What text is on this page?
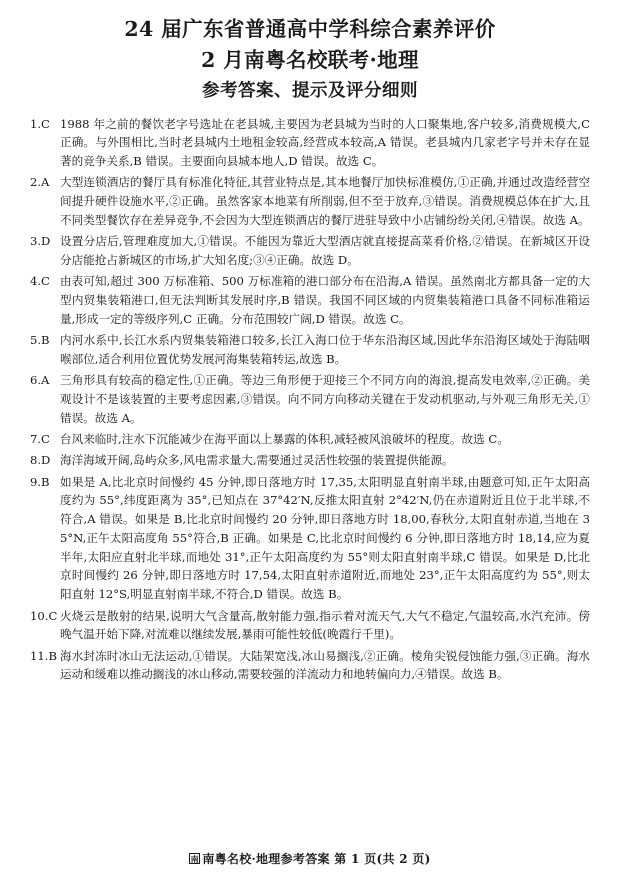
24 届广东省普通高中学科综合素养评价
2 月南粤名校联考·地理
参考答案、提示及评分细则
1.C 1988 年之前的餐饮老字号选址在老县城,主要因为老县城为当时的人口聚集地,客户较多,消费规模大,C 正确。与外围相比,当时老县城内土地租金较高,经营成本较高,A 错误。老县城内几家老字号并未存在显著的竞争关系,B 错误。主要面向县城本地人,D 错误。故选 C。
2.A 大型连锁酒店的餐厅具有标准化特征,其营业特点是,其本地餐厅加快标准模仿,①正确,并通过改造经营空间提升硬件设施水平,②正确。虽然客家本地菜有所削弱,但不至于放弃,③错误。消费规模总体在扩大,且不同类型餐饮存在差异竞争,不会因为大型连锁酒店的餐厅进驻导致中小店铺纷纷关闭,④错误。故选 A。
3.D 设置分店后,管理难度加大,①错误。不能因为靠近大型酒店就直接提高菜肴价格,②错误。在新城区开设分店能抢占新城区的市场,扩大知名度;③④正确。故选 D。
4.C 由表可知,超过 300 万标准箱、500 万标准箱的港口部分布在沿海,A 错误。虽然南北方都具备一定的大型内贸集装箱港口,但无法判断其发展时序,B 错误。我国不同区域的内贸集装箱港口具备不同标准箱运量,形成一定的等级序列,C 正确。分布范围较广阔,D 错误。故选 C。
5.B 内河水系中,长江水系内贸集装箱港口较多,长江入海口位于华东沿海区域,因此华东沿海区域处于海陆咽喉部位,适合利用位置优势发展河海集装箱转运,故选 B。
6.A 三角形具有较高的稳定性,①正确。等边三角形便于迎接三个不同方向的海浪,提高发电效率,②正确。美观设计不是该装置的主要考虑因素,③错误。向不同方向移动关键在于发动机驱动,与外观三角形无关,①错误。故选 A。
7.C 台风来临时,注水下沉能减少在海平面以上暴露的体积,减轻被风浪破坏的程度。故选 C。
8.D 海洋海域开阔,岛屿众多,风电需求量大,需要通过灵活性较强的装置提供能源。
9.B 如果是 A,比北京时间慢约 45 分钟,即日落地方时 17,35,太阳明显直射南半球,由题意可知,正午太阳高度约为 55°,纬度距离为 35°,已知点在 37°42′N,反推太阳直射 2°42′N,仍在赤道附近且位于北半球,不符合,A 错误。如果是 B,比北京时间慢约 20 分钟,即日落地方时 18,00,春秋分,太阳直射赤道,当地在 35°N,正午太阳高度角 55°符合,B 正确。如果是 C,比北京时间慢约 6 分钟,即日落地方时 18,14,应为夏半年,太阳应直射北半球,而地处 31°,正午太阳高度约为 55°则太阳直射南半球,C 错误。如果是 D,比北京时间慢约 26 分钟,即日落地方时 17,54,太阳直射赤道附近,而地处 23°,正午太阳高度约为 55°,则太阳直射 12°S,明显直射南半球,不符合,D 错误。故选 B。
10.C 火烧云是散射的结果,说明大气含量高,散射能力强,指示着对流天气,大气不稳定,气温较高,水汽充沛。傍晚气温开始下降,对流难以继续发展,暴雨可能性较低(晚霞行千里)。
11.B 海水封冻时冰山无法运动,①错误。大陆架宽浅,冰山易搁浅,②正确。棱角尖锐侵蚀能力强,③正确。海水运动和缓难以推动搁浅的冰山移动,需要较强的洋流动力和地转偏向力,④错误。故选 B。
南 南粤名校·地理参考答案 第 1 页(共 2 页)
